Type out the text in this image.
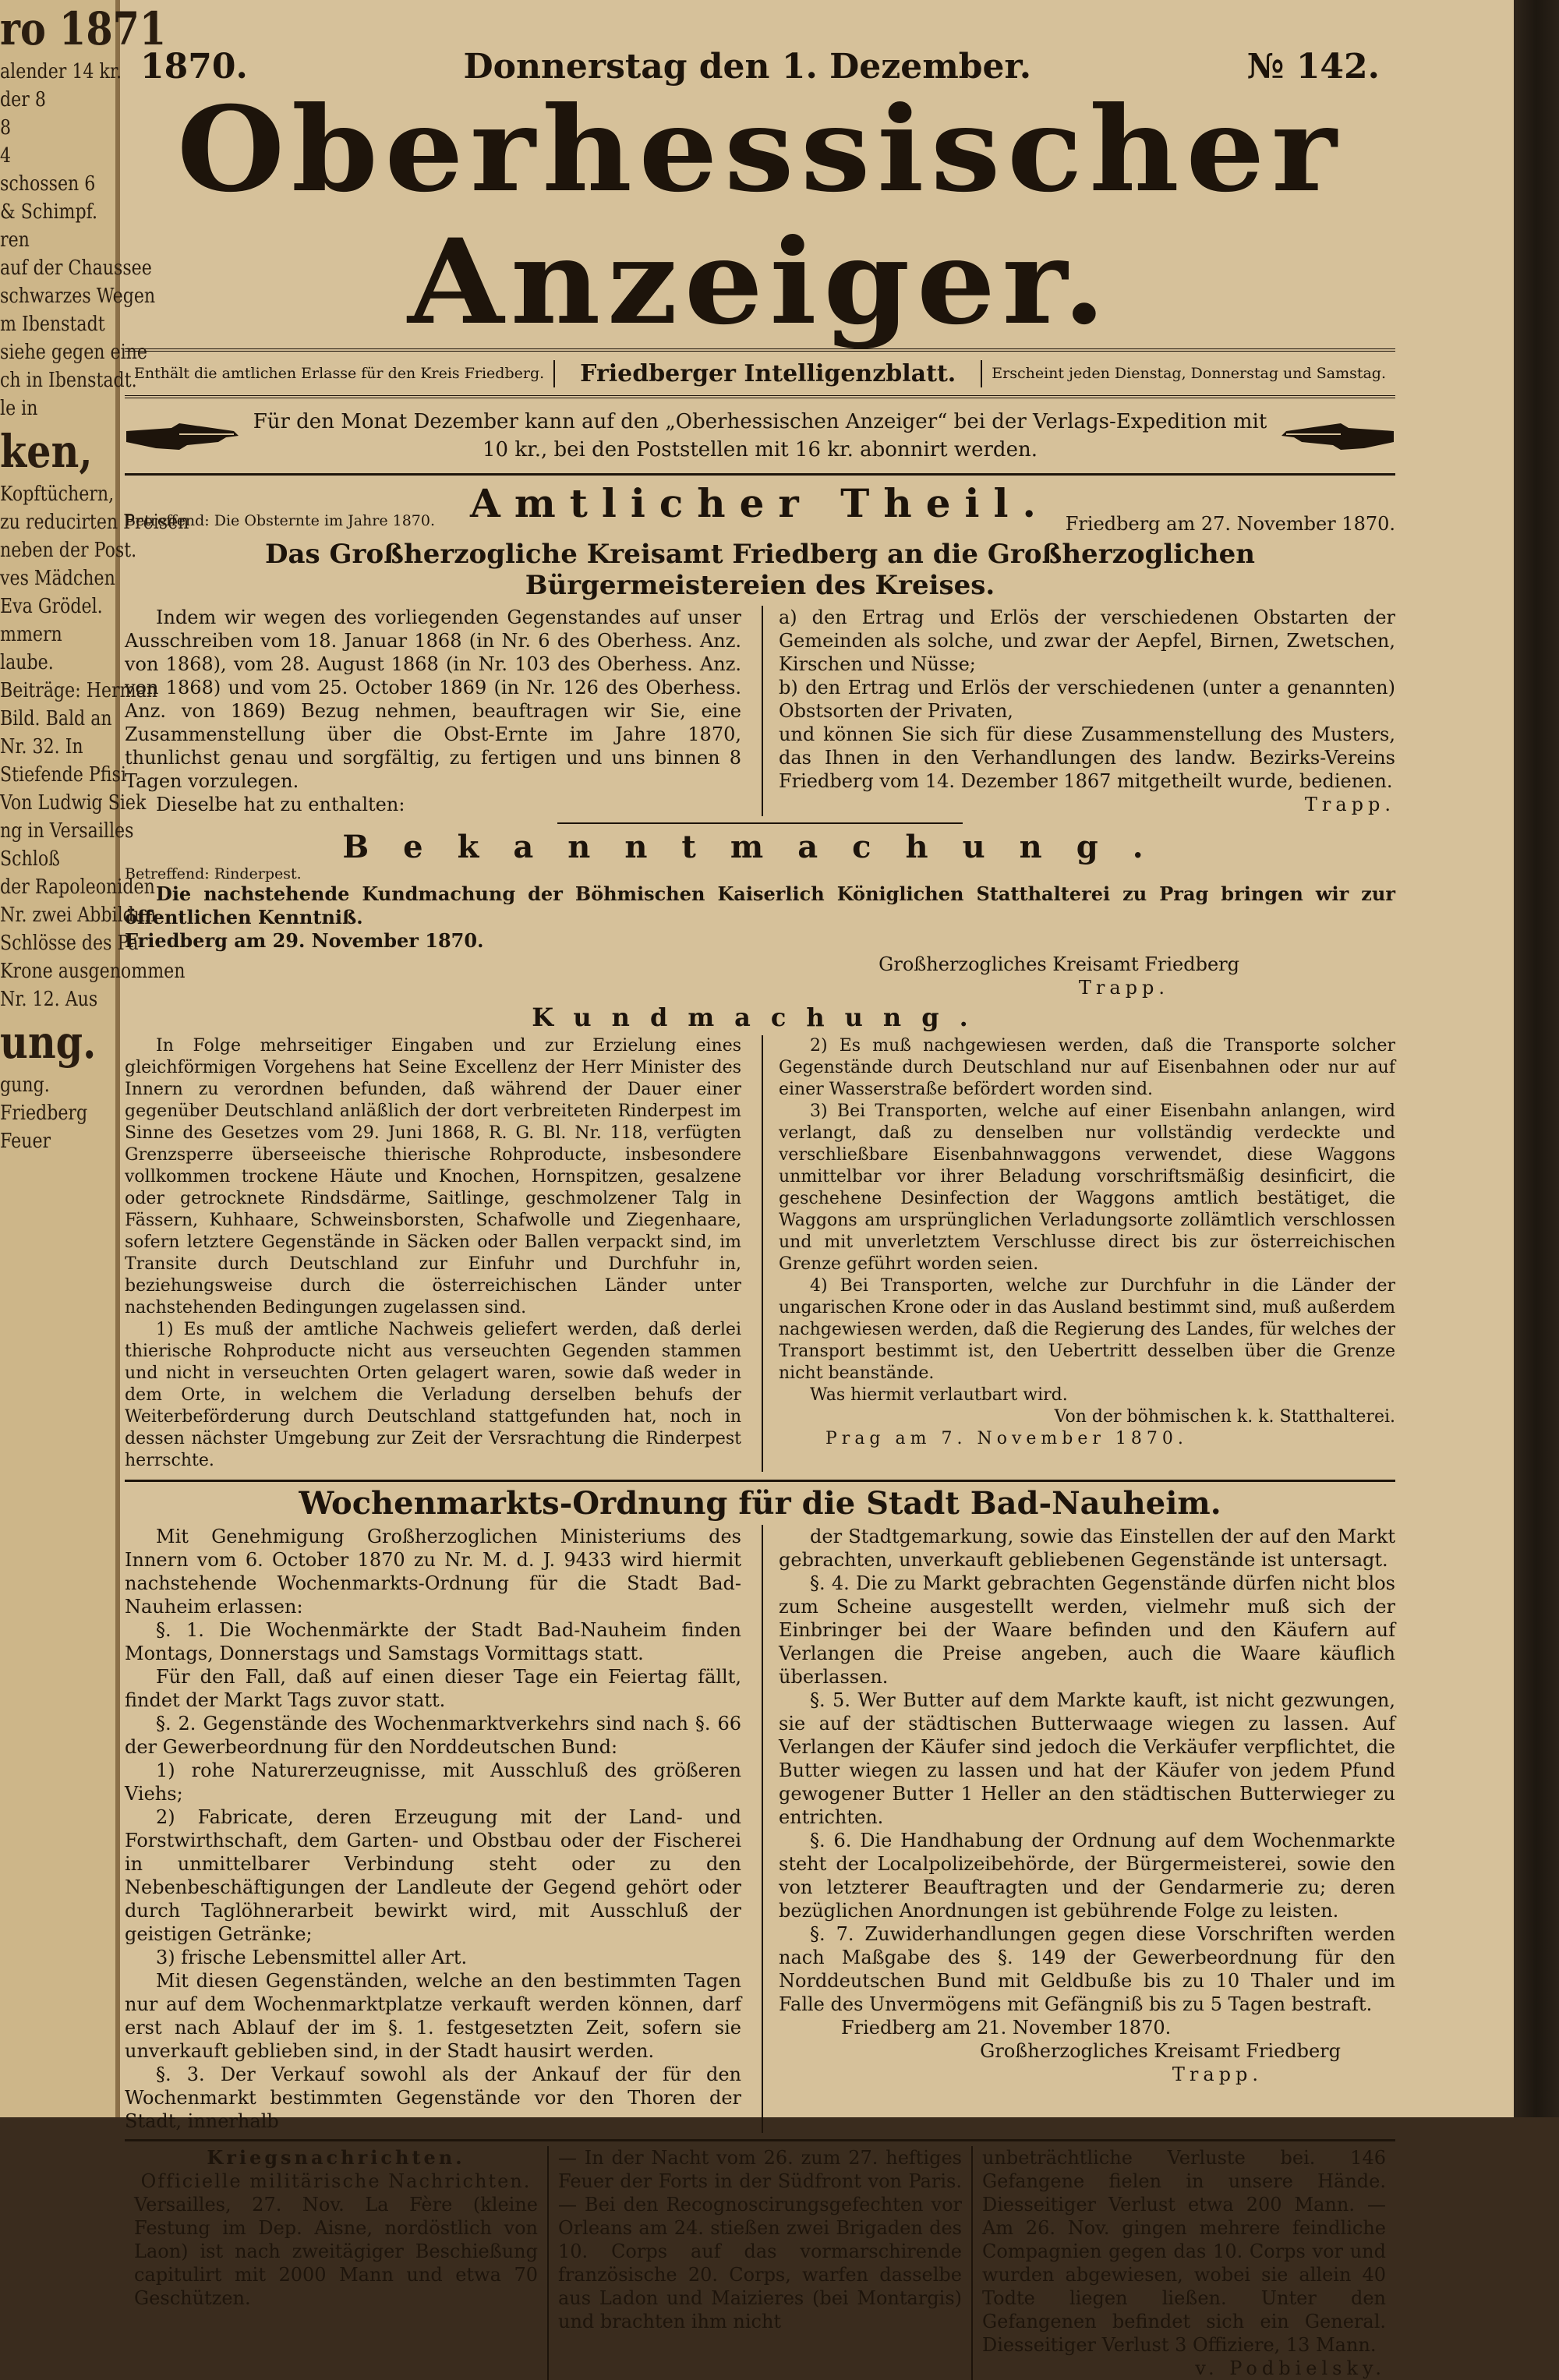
ro 1871
alender 14 kr.
der 8
8
4
schossen 6
& Schimpf.
ren
auf der Chaussee
schwarzes Wegen
m Ibenstadt
siehe gegen eine
ch in Ibenstadt.
le in
ken,
Kopftüchern,
zu reducirten Preisen
neben der Post.
ves Mädchen
Eva Grödel.
mmern
laube.
Beiträge: Herman
Bild. Bald an
Nr. 32. In
Stiefende Pfisi
Von Ludwig Siek
ng in Versailles
Schloß
der Rapoleoniden
Nr. zwei Abbildun
Schlösse des Pa
Krone ausgenommen
Nr. 12. Aus
ung.
gung.
Friedberg
Feuer
1870.	Donnerstag den 1. Dezember.	№ 142.
Oberhessischer Anzeiger.
Enthält die amtlichen Erlasse für den Kreis Friedberg.	Friedberger Intelligenzblatt.	Erscheint jeden Dienstag, Donnerstag und Samstag.
Für den Monat Dezember kann auf den „Oberhessischen Anzeiger“ bei der Verlags-Expedition mit 10 kr., bei den Poststellen mit 16 kr. abonnirt werden.
Amtlicher Theil.
Betreffend: Die Obsternte im Jahre 1870.	Friedberg am 27. November 1870.
Das Großherzogliche Kreisamt Friedberg an die Großherzoglichen Bürgermeistereien des Kreises.

Indem wir wegen des vorliegenden Gegenstandes auf unser Ausschreiben vom 18. Januar 1868 (in Nr. 6 des Oberhess. Anz. von 1868), vom 28. August 1868 (in Nr. 103 des Oberhess. Anz. von 1868) und vom 25. October 1869 (in Nr. 126 des Oberhess. Anz. von 1869) Bezug nehmen, beauftragen wir Sie, eine Zusammenstellung über die Obst-Ernte im Jahre 1870, thunlichst genau und sorgfältig, zu fertigen und uns binnen 8 Tagen vorzulegen.

Dieselbe hat zu enthalten:

a) den Ertrag und Erlös der verschiedenen Obstarten der Gemeinden als solche, und zwar der Aepfel, Birnen, Zwetschen, Kirschen und Nüsse;

b) den Ertrag und Erlös der verschiedenen (unter a genannten) Obstsorten der Privaten,

und können Sie sich für diese Zusammenstellung des Musters, das Ihnen in den Verhandlungen des landw. Bezirks-Vereins Friedberg vom 14. Dezember 1867 mitgetheilt wurde, bedienen.

Trapp.

Bekanntmachung.

Betreffend: Rinderpest.

Die nachstehende Kundmachung der Böhmischen Kaiserlich Königlichen Statthalterei zu Prag bringen wir zur öffentlichen Kenntniß.

Friedberg am 29. November 1870.

Großherzogliches Kreisamt Friedberg

Trapp.

Kundmachung.

In Folge mehrseitiger Eingaben und zur Erzielung eines gleichförmigen Vorgehens hat Seine Excellenz der Herr Minister des Innern zu verordnen befunden, daß während der Dauer einer gegenüber Deutschland anläßlich der dort verbreiteten Rinderpest im Sinne des Gesetzes vom 29. Juni 1868, R. G. Bl. Nr. 118, verfügten Grenzsperre überseeische thierische Rohproducte, insbesondere vollkommen trockene Häute und Knochen, Hornspitzen, gesalzene oder getrocknete Rindsdärme, Saitlinge, geschmolzener Talg in Fässern, Kuhhaare, Schweinsborsten, Schafwolle und Ziegenhaare, sofern letztere Gegenstände in Säcken oder Ballen verpackt sind, im Transite durch Deutschland zur Einfuhr und Durchfuhr in, beziehungsweise durch die österreichischen Länder unter nachstehenden Bedingungen zugelassen sind.

1) Es muß der amtliche Nachweis geliefert werden, daß derlei thierische Rohproducte nicht aus verseuchten Gegenden stammen und nicht in verseuchten Orten gelagert waren, sowie daß weder in dem Orte, in welchem die Verladung derselben behufs der Weiterbeförderung durch Deutschland stattgefunden hat, noch in dessen nächster Umgebung zur Zeit der Versrachtung die Rinderpest herrschte.

2) Es muß nachgewiesen werden, daß die Transporte solcher Gegenstände durch Deutschland nur auf Eisenbahnen oder nur auf einer Wasserstraße befördert worden sind.

3) Bei Transporten, welche auf einer Eisenbahn anlangen, wird verlangt, daß zu denselben nur vollständig verdeckte und verschließbare Eisenbahnwaggons verwendet, diese Waggons unmittelbar vor ihrer Beladung vorschriftsmäßig desinficirt, die geschehene Desinfection der Waggons amtlich bestätiget, die Waggons am ursprünglichen Verladungsorte zollämtlich verschlossen und mit unverletztem Verschlusse direct bis zur österreichischen Grenze geführt worden seien.

4) Bei Transporten, welche zur Durchfuhr in die Länder der ungarischen Krone oder in das Ausland bestimmt sind, muß außerdem nachgewiesen werden, daß die Regierung des Landes, für welches der Transport bestimmt ist, den Uebertritt desselben über die Grenze nicht beanstände.

Was hiermit verlautbart wird.

Von der böhmischen k. k. Statthalterei.

Prag am 7. November 1870.

Wochenmarkts-Ordnung für die Stadt Bad-Nauheim.

Mit Genehmigung Großherzoglichen Ministeriums des Innern vom 6. October 1870 zu Nr. M. d. J. 9433 wird hiermit nachstehende Wochenmarkts-Ordnung für die Stadt Bad-Nauheim erlassen:

§. 1. Die Wochenmärkte der Stadt Bad-Nauheim finden Montags, Donnerstags und Samstags Vormittags statt.

Für den Fall, daß auf einen dieser Tage ein Feiertag fällt, findet der Markt Tags zuvor statt.

§. 2. Gegenstände des Wochenmarktverkehrs sind nach §. 66 der Gewerbeordnung für den Norddeutschen Bund:

1) rohe Naturerzeugnisse, mit Ausschluß des größeren Viehs;

2) Fabricate, deren Erzeugung mit der Land- und Forstwirthschaft, dem Garten- und Obstbau oder der Fischerei in unmittelbarer Verbindung steht oder zu den Nebenbeschäftigungen der Landleute der Gegend gehört oder durch Taglöhnerarbeit bewirkt wird, mit Ausschluß der geistigen Getränke;

3) frische Lebensmittel aller Art.

Mit diesen Gegenständen, welche an den bestimmten Tagen nur auf dem Wochenmarktplatze verkauft werden können, darf erst nach Ablauf der im §. 1. festgesetzten Zeit, sofern sie unverkauft geblieben sind, in der Stadt hausirt werden.

§. 3. Der Verkauf sowohl als der Ankauf der für den Wochenmarkt bestimmten Gegenstände vor den Thoren der Stadt, innerhalb

der Stadtgemarkung, sowie das Einstellen der auf den Markt gebrachten, unverkauft gebliebenen Gegenstände ist untersagt.

§. 4. Die zu Markt gebrachten Gegenstände dürfen nicht blos zum Scheine ausgestellt werden, vielmehr muß sich der Einbringer bei der Waare befinden und den Käufern auf Verlangen die Preise angeben, auch die Waare käuflich überlassen.

§. 5. Wer Butter auf dem Markte kauft, ist nicht gezwungen, sie auf der städtischen Butterwaage wiegen zu lassen. Auf Verlangen der Käufer sind jedoch die Verkäufer verpflichtet, die Butter wiegen zu lassen und hat der Käufer von jedem Pfund gewogener Butter 1 Heller an den städtischen Butterwieger zu entrichten.

§. 6. Die Handhabung der Ordnung auf dem Wochenmarkte steht der Localpolizeibehörde, der Bürgermeisterei, sowie den von letzterer Beauftragten und der Gendarmerie zu; deren bezüglichen Anordnungen ist gebührende Folge zu leisten.

§. 7. Zuwiderhandlungen gegen diese Vorschriften werden nach Maßgabe des §. 149 der Gewerbeordnung für den Norddeutschen Bund mit Geldbuße bis zu 10 Thaler und im Falle des Unvermögens mit Gefängniß bis zu 5 Tagen bestraft.

Friedberg am 21. November 1870.

Großherzogliches Kreisamt Friedberg

Trapp.

Kriegsnachrichten.

Officielle militärische Nachrichten.

Versailles, 27. Nov. La Fère (kleine Festung im Dep. Aisne, nordöstlich von Laon) ist nach zweitägiger Beschießung capitulirt mit 2000 Mann und etwa 70 Geschützen.

— In der Nacht vom 26. zum 27. heftiges Feuer der Forts in der Südfront von Paris. — Bei den Recognoscirungsgefechten vor Orleans am 24. stießen zwei Brigaden des 10. Corps auf das vormarschirende französische 20. Corps, warfen dasselbe aus Ladon und Maizieres (bei Montargis) und brachten ihm nicht

unbeträchtliche Verluste bei. 146 Gefangene fielen in unsere Hände. Diesseitiger Verlust etwa 200 Mann. — Am 26. Nov. gingen mehrere feindliche Compagnien gegen das 10. Corps vor und wurden abgewiesen, wobei sie allein 40 Todte liegen ließen. Unter den Gefangenen befindet sich ein General. Diesseitiger Verlust 3 Offiziere, 13 Mann.

v. Podbielsky.
